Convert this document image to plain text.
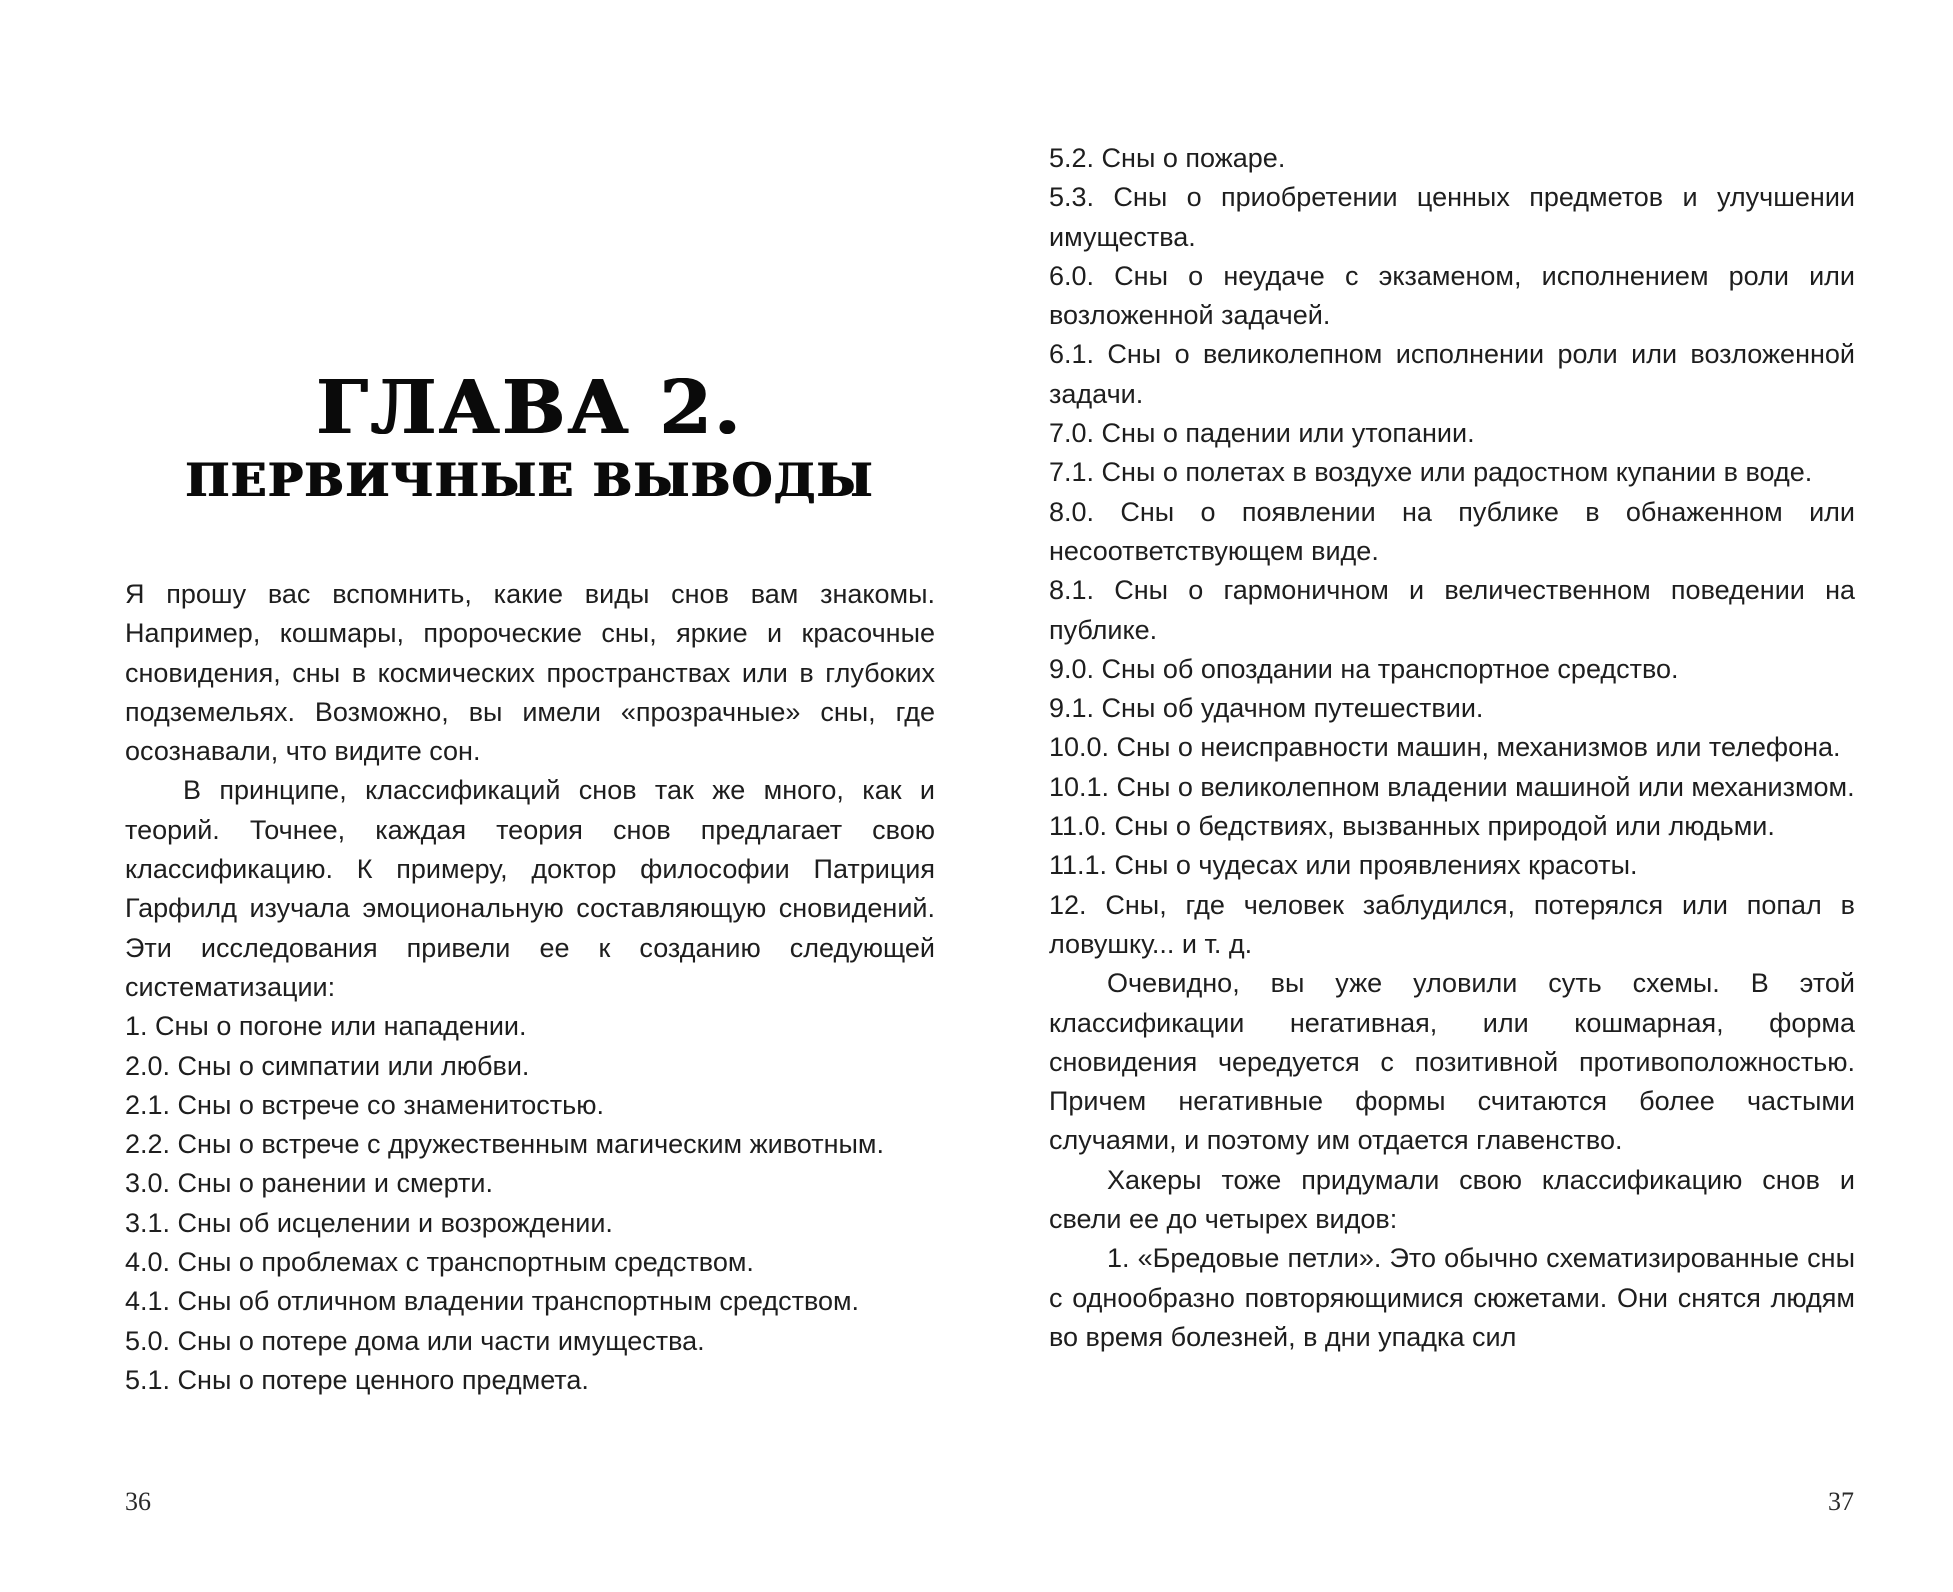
ГЛАВА 2.
ПЕРВИЧНЫЕ ВЫВОДЫ

Я прошу вас вспомнить, какие виды снов вам знакомы. Например, кошмары, пророческие сны, яркие и красочные сновидения, сны в космических пространствах или в глубоких подземельях. Возможно, вы имели «прозрачные» сны, где осознавали, что видите сон.

В принципе, классификаций снов так же много, как и теорий. Точнее, каждая теория снов предлагает свою классификацию. К примеру, доктор философии Патриция Гарфилд изучала эмоциональную составляющую сновидений. Эти исследования привели ее к созданию следующей систематизации:

1. Сны о погоне или нападении.

2.0. Сны о симпатии или любви.

2.1. Сны о встрече со знаменитостью.

2.2. Сны о встрече с дружественным магическим животным.

3.0. Сны о ранении и смерти.

3.1. Сны об исцелении и возрождении.

4.0. Сны о проблемах с транспортным средством.

4.1. Сны об отличном владении транспортным средством.

5.0. Сны о потере дома или части имущества.

5.1. Сны о потере ценного предмета.

36

5.2. Сны о пожаре.

5.3. Сны о приобретении ценных предметов и улучшении имущества.

6.0. Сны о неудаче с экзаменом, исполнением роли или возложенной задачей.

6.1. Сны о великолепном исполнении роли или возложенной задачи.

7.0. Сны о падении или утопании.

7.1. Сны о полетах в воздухе или радостном купании в воде.

8.0. Сны о появлении на публике в обнаженном или несоответствующем виде.

8.1. Сны о гармоничном и величественном поведении на публике.

9.0. Сны об опоздании на транспортное средство.

9.1. Сны об удачном путешествии.

10.0. Сны о неисправности машин, механизмов или телефона.

10.1. Сны о великолепном владении машиной или механизмом.

11.0. Сны о бедствиях, вызванных природой или людьми.

11.1. Сны о чудесах или проявлениях красоты.

12. Сны, где человек заблудился, потерялся или попал в ловушку... и т. д.

Очевидно, вы уже уловили суть схемы. В этой классификации негативная, или кошмарная, форма сновидения чередуется с позитивной противоположностью. Причем негативные формы считаются более частыми случаями, и поэтому им отдается главенство.

Хакеры тоже придумали свою классификацию снов и свели ее до четырех видов:

1. «Бредовые петли». Это обычно схематизированные сны с однообразно повторяющимися сюжетами. Они снятся людям во время болезней, в дни упадка сил

37
